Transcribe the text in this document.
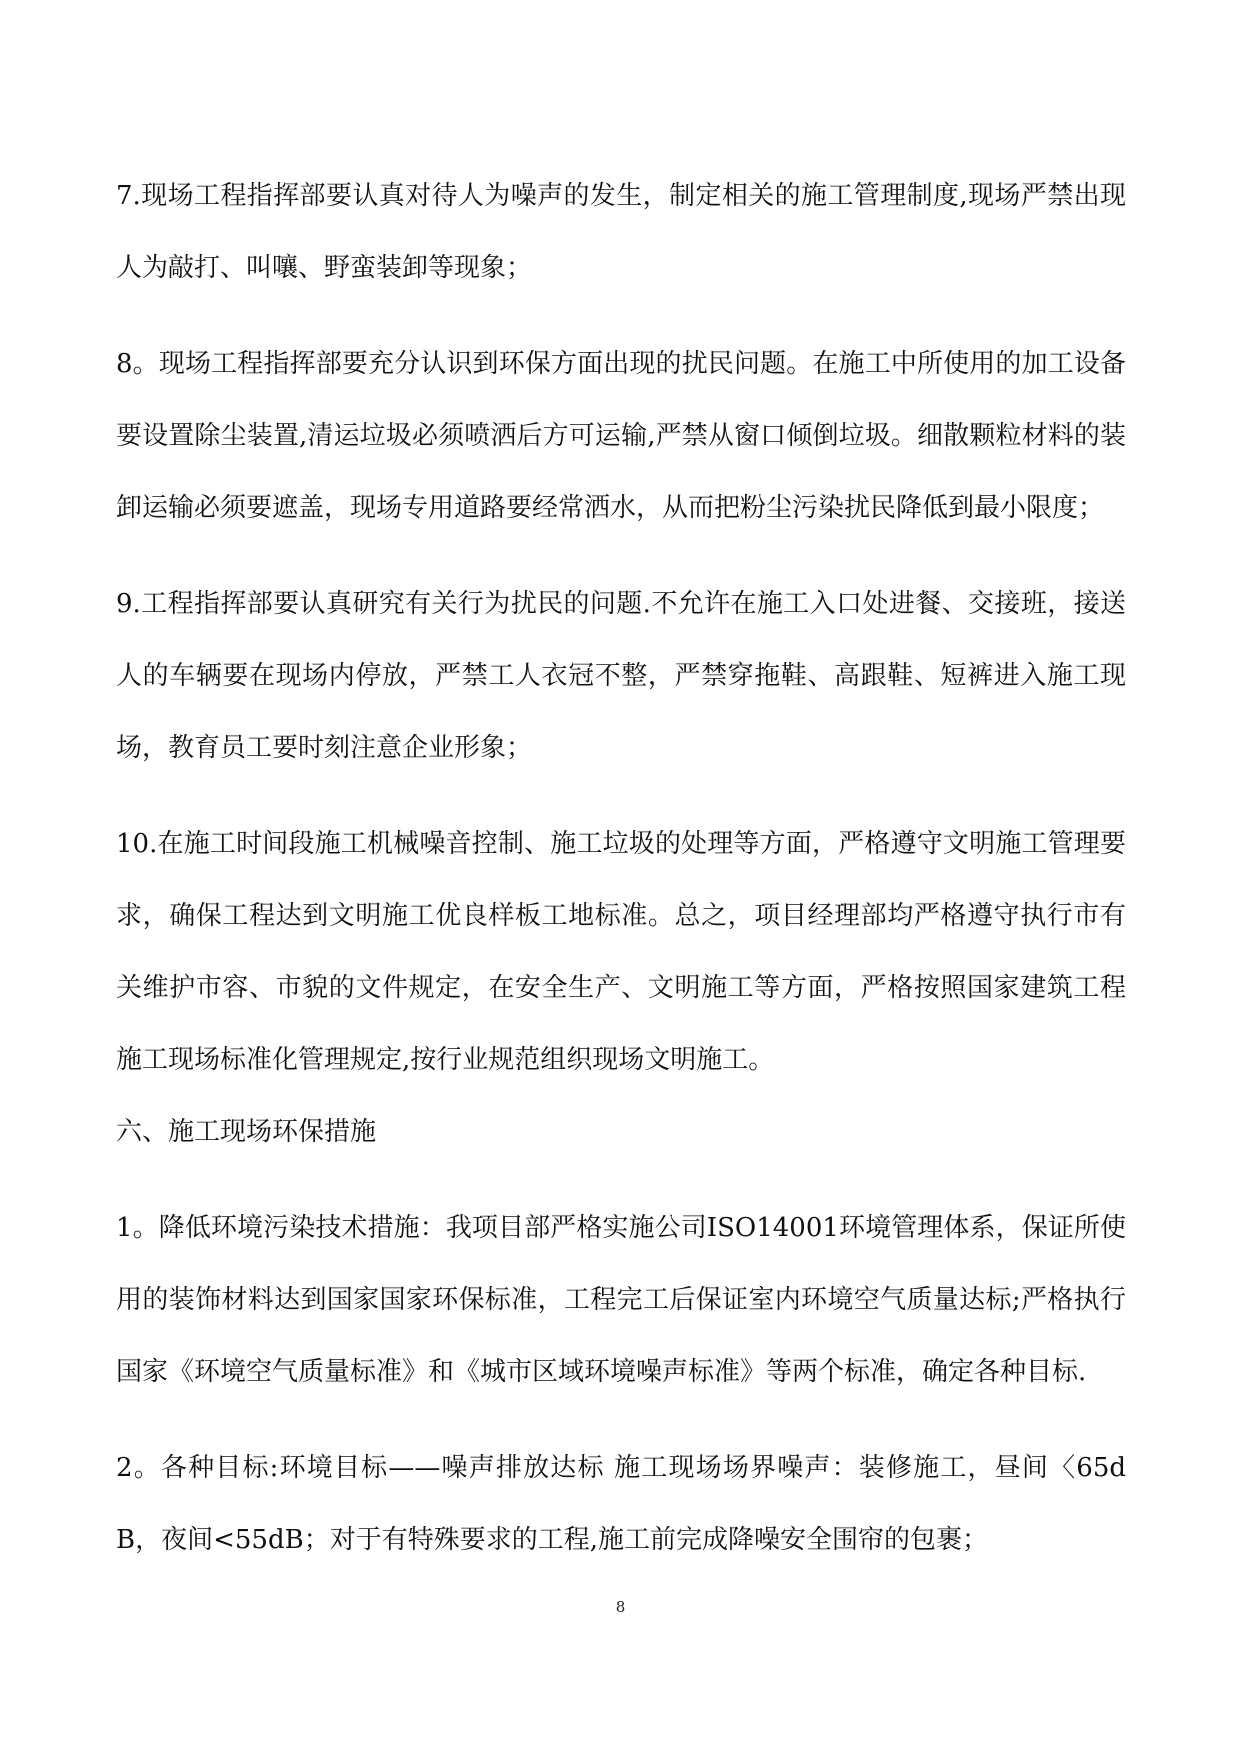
7.现场工程指挥部要认真对待人为噪声的发生，制定相关的施工管理制度,现场严禁出现人为敲打、叫嚷、野蛮装卸等现象；

8。现场工程指挥部要充分认识到环保方面出现的扰民问题。在施工中所使用的加工设备要设置除尘装置,清运垃圾必须喷洒后方可运输,严禁从窗口倾倒垃圾。细散颗粒材料的装卸运输必须要遮盖，现场专用道路要经常洒水，从而把粉尘污染扰民降低到最小限度；

9.工程指挥部要认真研究有关行为扰民的问题.不允许在施工入口处进餐、交接班，接送人的车辆要在现场内停放，严禁工人衣冠不整，严禁穿拖鞋、高跟鞋、短裤进入施工现场，教育员工要时刻注意企业形象；

10.在施工时间段施工机械噪音控制、施工垃圾的处理等方面，严格遵守文明施工管理要求，确保工程达到文明施工优良样板工地标准。总之，项目经理部均严格遵守执行市有关维护市容、市貌的文件规定，在安全生产、文明施工等方面，严格按照国家建筑工程施工现场标准化管理规定,按行业规范组织现场文明施工。

六、施工现场环保措施

1。降低环境污染技术措施：我项目部严格实施公司ISO14001环境管理体系，保证所使用的装饰材料达到国家国家环保标准，工程完工后保证室内环境空气质量达标;严格执行国家《环境空气质量标准》和《城市区域环境噪声标准》等两个标准，确定各种目标.

2。各种目标:环境目标——噪声排放达标 施工现场场界噪声：装修施工，昼间〈65dB，夜间<55dB；对于有特殊要求的工程,施工前完成降噪安全围帘的包裹；

8
